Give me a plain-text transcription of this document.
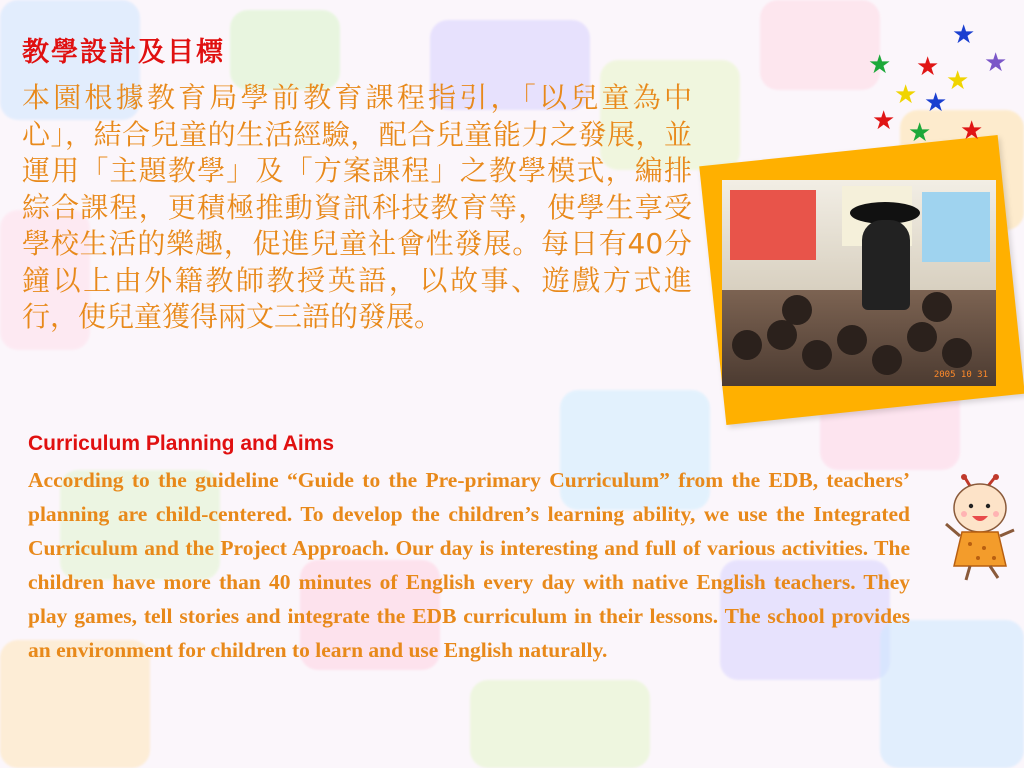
教學設計及目標

本園根據教育局學前教育課程指引，「以兒童為中心」，結合兒童的生活經驗，配合兒童能力之發展，並運用「主題教學」及「方案課程」之教學模式，編排綜合課程，更積極推動資訊科技教育等，使學生享受學校生活的樂趣，促進兒童社會性發展。每日有40分鐘以上由外籍教師教授英語，以故事、遊戲方式進行，使兒童獲得兩文三語的發展。

2005 10 31
★
★
★ ★ ★
★ ★
★ ★ ★
Curriculum Planning and Aims

According to the guideline “Guide to the Pre-primary Curriculum” from the EDB, teachers’ planning are child-centered. To develop the children’s learning ability, we use the Integrated Curriculum and the Project Approach. Our day is interesting and full of various activities. The children have more than 40 minutes of English every day with native English teachers. They play games, tell stories and integrate the EDB curriculum in their lessons. The school provides an environment for children to learn and use English naturally.
